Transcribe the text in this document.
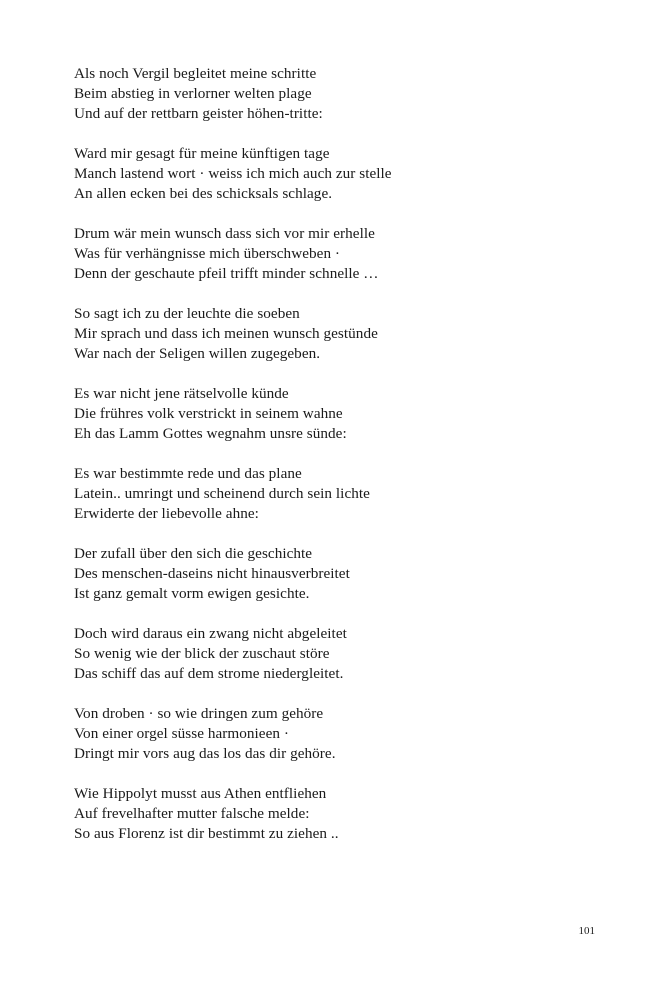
Als noch Vergil begleitet meine schritte
Beim abstieg in verlorner welten plage
Und auf der rettbarn geister höhen-tritte:
Ward mir gesagt für meine künftigen tage
Manch lastend wort · weiss ich mich auch zur stelle
An allen ecken bei des schicksals schlage.
Drum wär mein wunsch dass sich vor mir erhelle
Was für verhängnisse mich überschweben ·
Denn der geschaute pfeil trifft minder schnelle …
So sagt ich zu der leuchte die soeben
Mir sprach und dass ich meinen wunsch gestünde
War nach der Seligen willen zugegeben.
Es war nicht jene rätselvolle künde
Die frühres volk verstrickt in seinem wahne
Eh das Lamm Gottes wegnahm unsre sünde:
Es war bestimmte rede und das plane
Latein.. umringt und scheinend durch sein lichte
Erwiderte der liebevolle ahne:
Der zufall über den sich die geschichte
Des menschen-daseins nicht hinausverbreitet
Ist ganz gemalt vorm ewigen gesichte.
Doch wird daraus ein zwang nicht abgeleitet
So wenig wie der blick der zuschaut störe
Das schiff das auf dem strome niedergleitet.
Von droben · so wie dringen zum gehöre
Von einer orgel süsse harmonieen ·
Dringt mir vors aug das los das dir gehöre.
Wie Hippolyt musst aus Athen entfliehen
Auf frevelhafter mutter falsche melde:
So aus Florenz ist dir bestimmt zu ziehen ..
101
